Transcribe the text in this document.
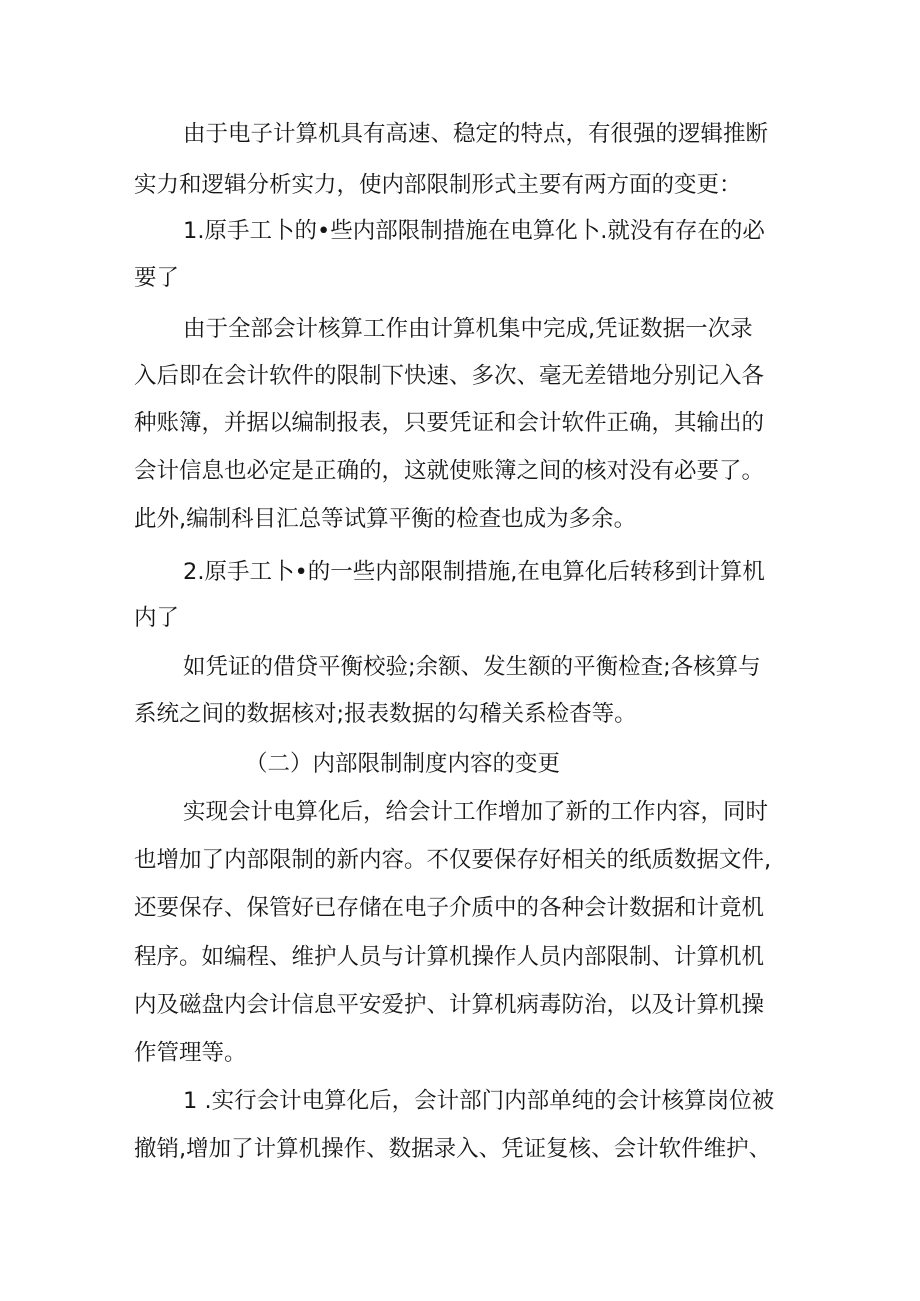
由于电子计算机具有高速、稳定的特点，有很强的逻辑推断
实力和逻辑分析实力，使内部限制形式主要有两方面的变更：
1.原手工卜的•些内部限制措施在电算化卜.就没有存在的必
要了
由于全部会计核算工作由计算机集中完成,凭证数据一次录
入后即在会计软件的限制下快速、多次、毫无差错地分别记入各
种账簿，并据以编制报表，只要凭证和会计软件正确，其输出的
会计信息也必定是正确的，这就使账簿之间的核对没有必要了。
此外,编制科目汇总等试算平衡的检查也成为多余。
2.原手工卜•的一些内部限制措施,在电算化后转移到计算机
内了
如凭证的借贷平衡校验;余额、发生额的平衡检查;各核算与
系统之间的数据核对;报表数据的勾稽关系检杳等。
（二）内部限制制度内容的变更
实现会计电算化后，给会计工作增加了新的工作内容，同时
也增加了内部限制的新内容。不仅要保存好相关的纸质数据文件,
还要保存、保管好已存储在电子介质中的各种会计数据和计竟机
程序。如编程、维护人员与计算机操作人员内部限制、计算机机
内及磁盘内会计信息平安爱护、计算机病毒防治，以及计算机操
作管理等。
1 .实行会计电算化后，会计部门内部单纯的会计核算岗位被
撤销,增加了计算机操作、数据录入、凭证复核、会计软件维护、
